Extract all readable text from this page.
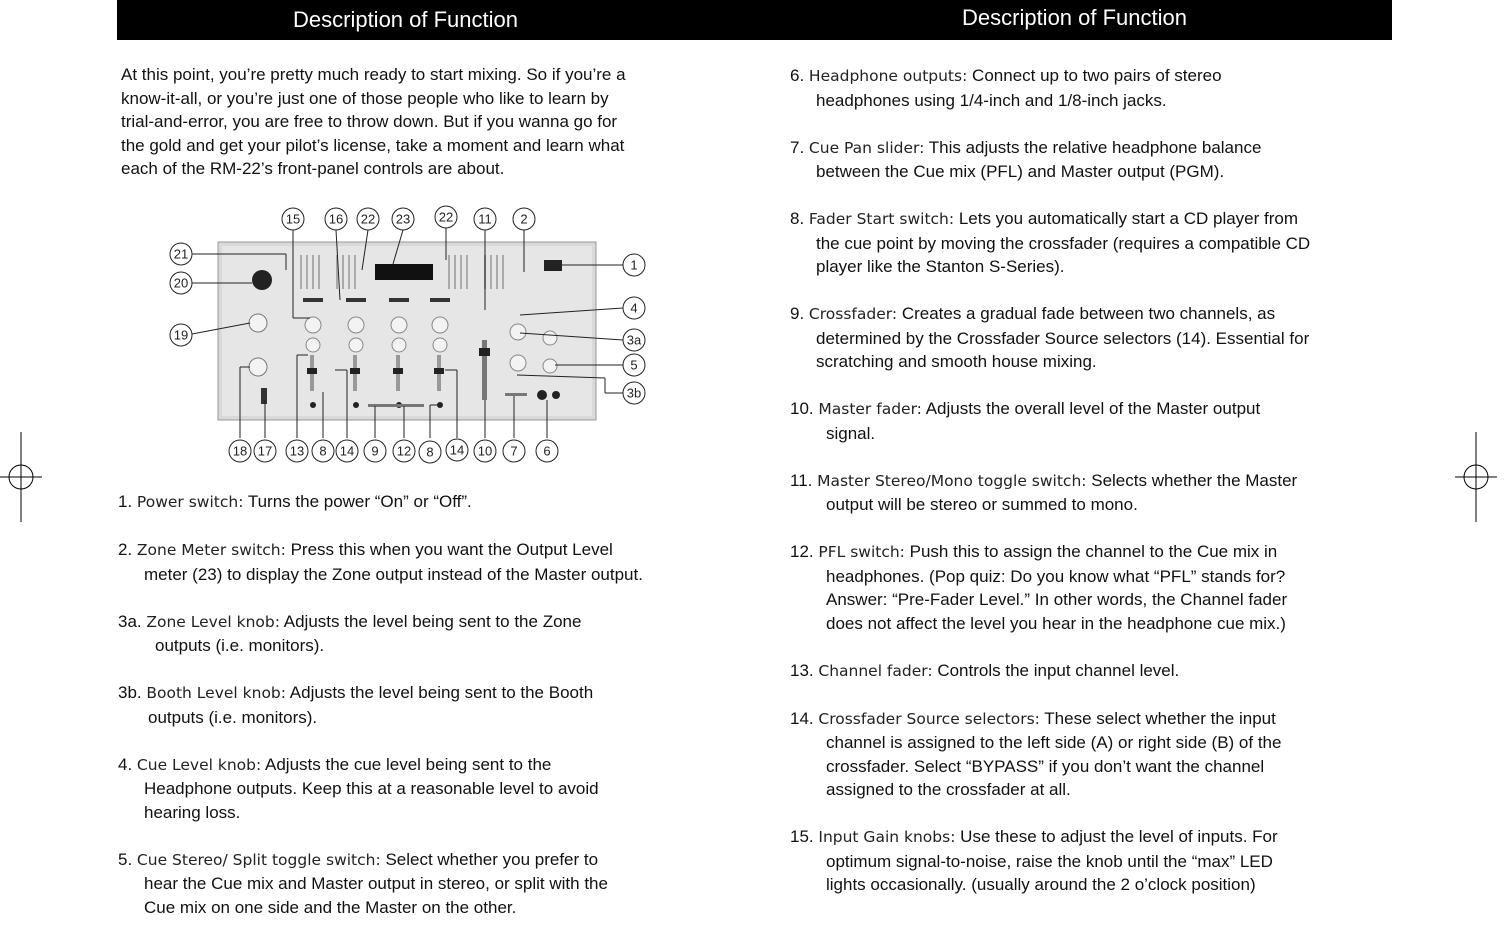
Description of Function	Description of Function
At this point, you’re pretty much ready to start mixing. So if you’re a
know-it-all, or you’re just one of those people who like to learn by
trial-and-error, you are free to throw down. But if you wanna go for
the gold and get your pilot’s license, take a moment and learn what
each of the RM-22’s front-panel controls are about.
15 16 22 23 22 11 2
21
20
19
1
4
3a
5
3b
18 17 13 8 14 9 12 8 14 10 7 6
1. Power switch: Turns the power “On” or “Off”.
2. Zone Meter switch: Press this when you want the Output Level
meter (23) to display the Zone output instead of the Master output.
3a. Zone Level knob: Adjusts the level being sent to the Zone
outputs (i.e. monitors).
3b. Booth Level knob: Adjusts the level being sent to the Booth
outputs (i.e. monitors).
4. Cue Level knob: Adjusts the cue level being sent to the
Headphone outputs. Keep this at a reasonable level to avoid
hearing loss.
5. Cue Stereo/ Split toggle switch: Select whether you prefer to
hear the Cue mix and Master output in stereo, or split with the
Cue mix on one side and the Master on the other.
6. Headphone outputs: Connect up to two pairs of stereo
headphones using 1/4-inch and 1/8-inch jacks.
7. Cue Pan slider: This adjusts the relative headphone balance
between the Cue mix (PFL) and Master output (PGM).
8. Fader Start switch: Lets you automatically start a CD player from
the cue point by moving the crossfader (requires a compatible CD
player like the Stanton S-Series).
9. Crossfader: Creates a gradual fade between two channels, as
determined by the Crossfader Source selectors (14). Essential for
scratching and smooth house mixing.
10. Master fader: Adjusts the overall level of the Master output
signal.
11. Master Stereo/Mono toggle switch: Selects whether the Master
output will be stereo or summed to mono.
12. PFL switch: Push this to assign the channel to the Cue mix in
headphones. (Pop quiz: Do you know what “PFL” stands for?
Answer: “Pre-Fader Level.” In other words, the Channel fader
does not affect the level you hear in the headphone cue mix.)
13. Channel fader: Controls the input channel level.
14. Crossfader Source selectors: These select whether the input
channel is assigned to the left side (A) or right side (B) of the
crossfader. Select “BYPASS” if you don’t want the channel
assigned to the crossfader at all.
15. Input Gain knobs: Use these to adjust the level of inputs. For
optimum signal-to-noise, raise the knob until the “max” LED
lights occasionally. (usually around the 2 o’clock position)
